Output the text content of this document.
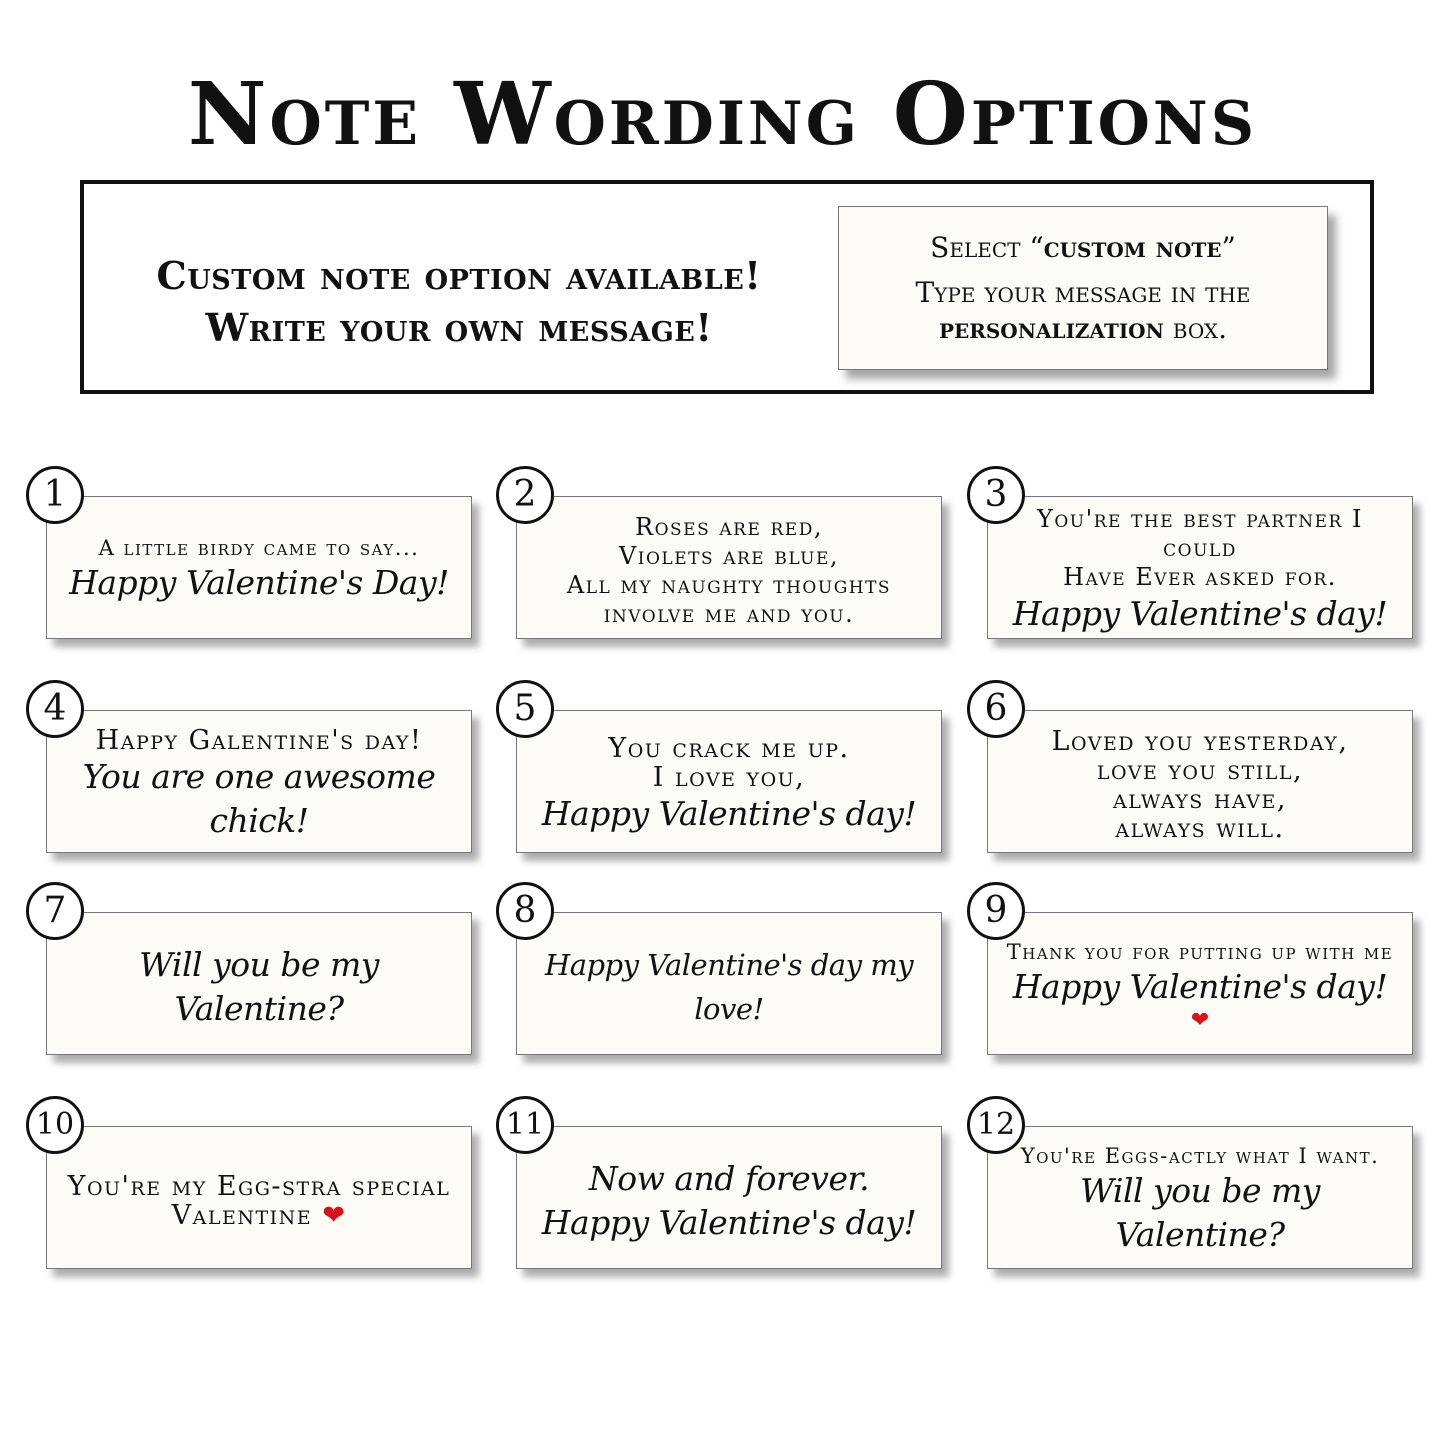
Note Wording Options
Custom note option available!
Write your own message!
Select “custom note”
Type your message in the
personalization box.
A little birdy came to say...
Happy Valentine's Day!
1
Roses are red,
Violets are blue,
All my naughty thoughts
involve me and you.
2
You're the best partner I could
Have Ever asked for.
Happy Valentine's day!
3
Happy Galentine's day!
You are one awesome chick!
4
You crack me up.
I love you,
Happy Valentine's day!
5
Loved you yesterday,
love you still,
always have,
always will.
6
Will you be my Valentine?
7
Happy Valentine's day my love!
8
Thank you for putting up with me
Happy Valentine's day!
❤
9
You're my Egg-stra special
Valentine ❤
10
Now and forever.
Happy Valentine's day!
11
You're Eggs-actly what I want.
Will you be my Valentine?
12
